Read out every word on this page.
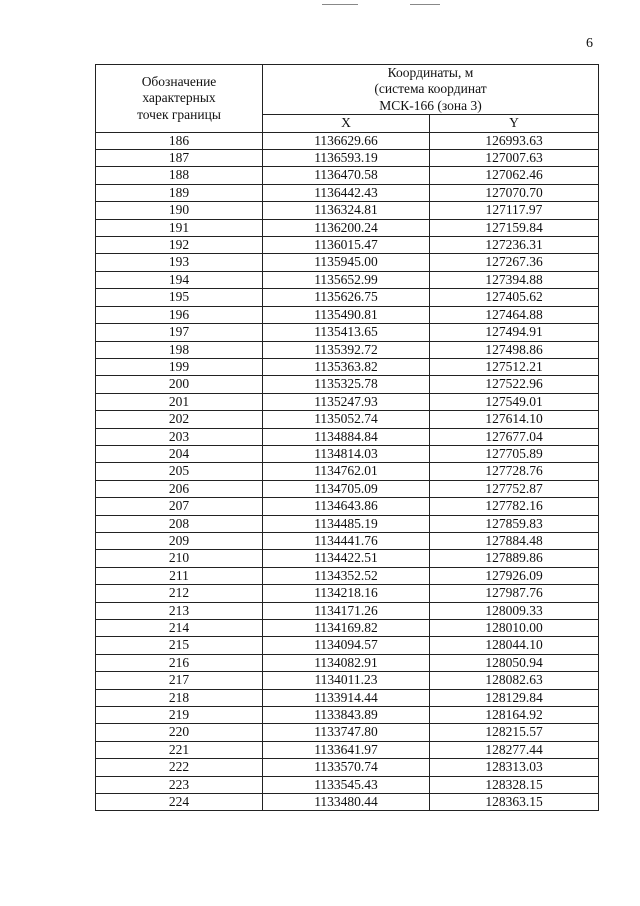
6
Обозначение
характерных
точек границы	Координаты, м
(система координат
МСК-166 (зона 3)	

	X	Y
186	1136629.66	126993.63
187	1136593.19	127007.63
188	1136470.58	127062.46
189	1136442.43	127070.70
190	1136324.81	127117.97
191	1136200.24	127159.84
192	1136015.47	127236.31
193	1135945.00	127267.36
194	1135652.99	127394.88
195	1135626.75	127405.62
196	1135490.81	127464.88
197	1135413.65	127494.91
198	1135392.72	127498.86
199	1135363.82	127512.21
200	1135325.78	127522.96
201	1135247.93	127549.01
202	1135052.74	127614.10
203	1134884.84	127677.04
204	1134814.03	127705.89
205	1134762.01	127728.76
206	1134705.09	127752.87
207	1134643.86	127782.16
208	1134485.19	127859.83
209	1134441.76	127884.48
210	1134422.51	127889.86
211	1134352.52	127926.09
212	1134218.16	127987.76
213	1134171.26	128009.33
214	1134169.82	128010.00
215	1134094.57	128044.10
216	1134082.91	128050.94
217	1134011.23	128082.63
218	1133914.44	128129.84
219	1133843.89	128164.92
220	1133747.80	128215.57
221	1133641.97	128277.44
222	1133570.74	128313.03
223	1133545.43	128328.15
224	1133480.44	128363.15
